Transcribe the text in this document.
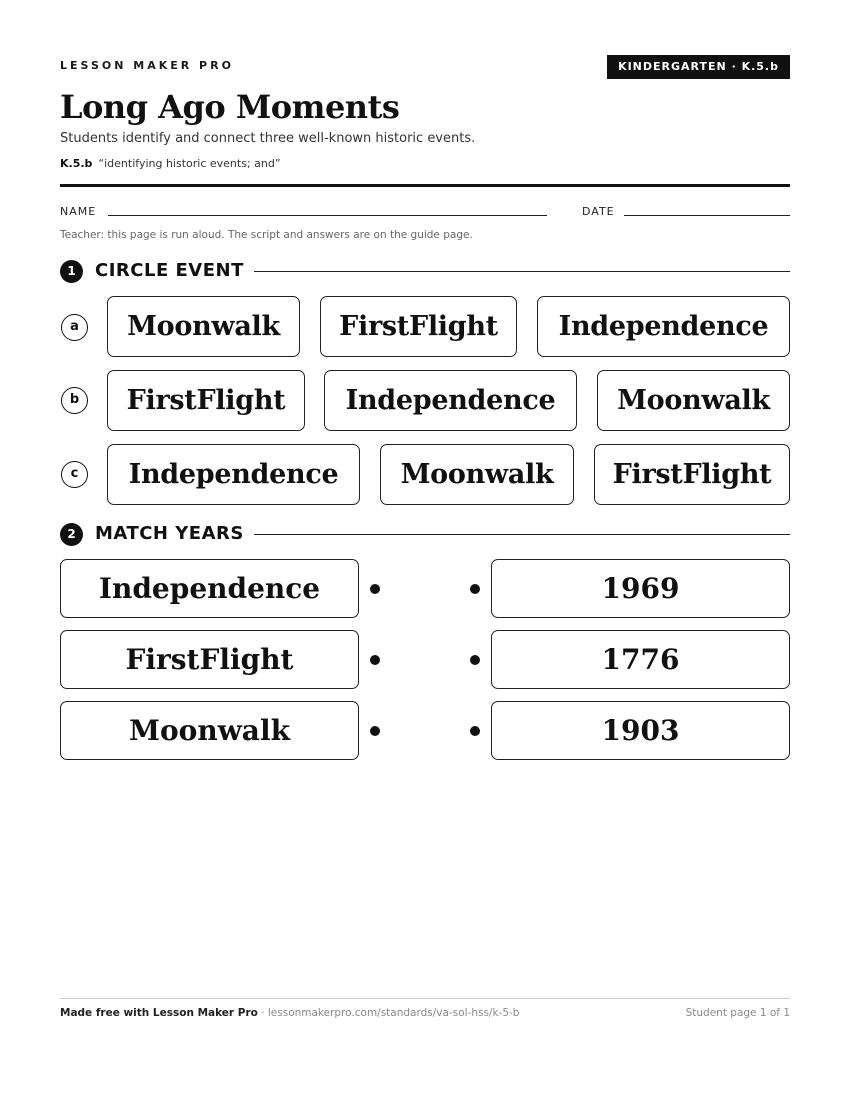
LESSON MAKER PRO	KINDERGARTEN · K.5.b
Long Ago Moments
Students identify and connect three well-known historic events.
K.5.b “identifying historic events; and”
NAME	DATE
Teacher: this page is run aloud. The script and answers are on the guide page.
1	CIRCLE EVENT
a	Moonwalk	FirstFlight	Independence
b	FirstFlight	Independence	Moonwalk
c	Independence	Moonwalk	FirstFlight
2	MATCH YEARS
Independence	1969
FirstFlight	1776
Moonwalk	1903
Made free with Lesson Maker Pro · lessonmakerpro.com/standards/va-sol-hss/k-5-b	Student page 1 of 1
